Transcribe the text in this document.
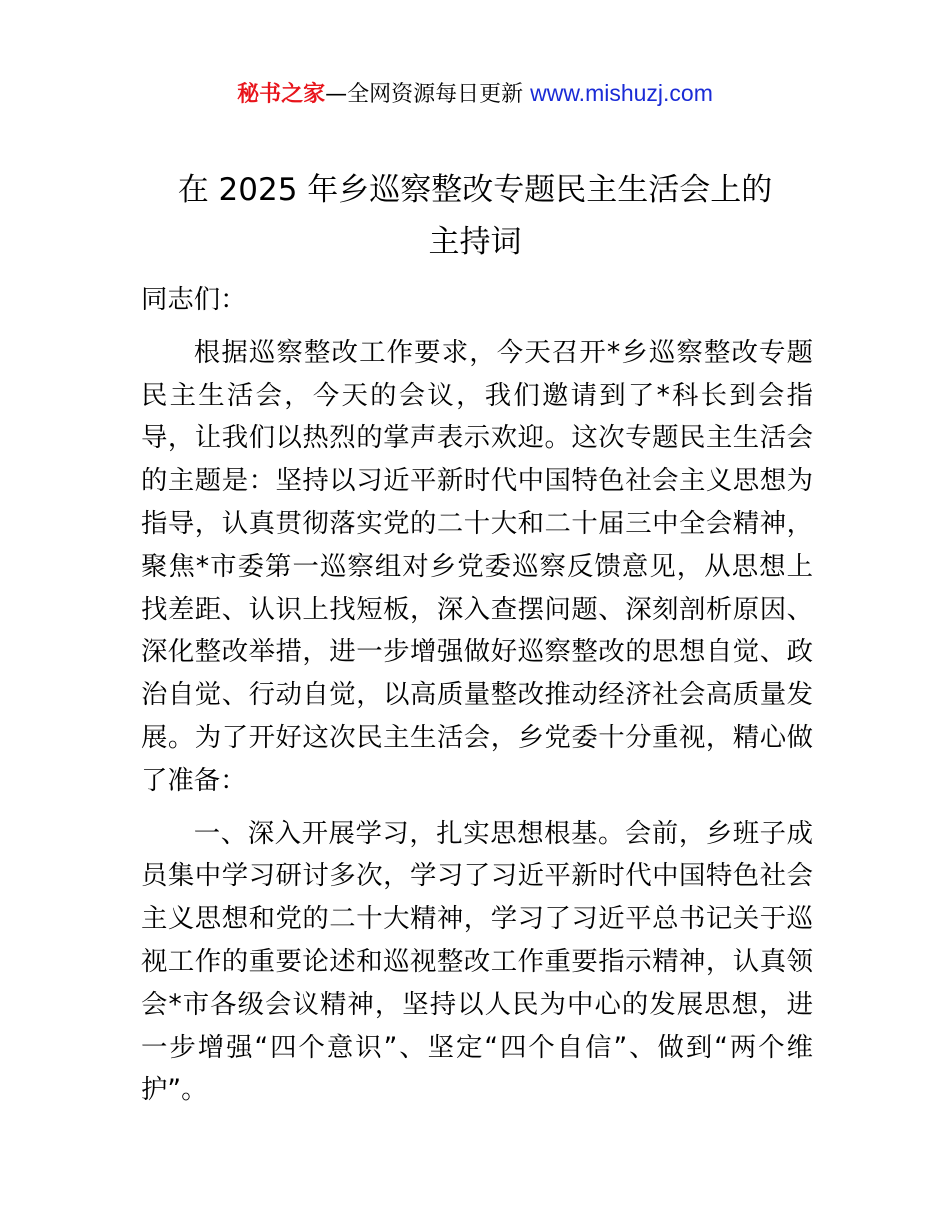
秘书之家—全网资源每日更新 www.mishuzj.com
在 2025 年乡巡察整改专题民主生活会上的
主持词

同志们：

根据巡察整改工作要求，今天召开*乡巡察整改专题民主生活会，今天的会议，我们邀请到了*科长到会指导，让我们以热烈的掌声表示欢迎。这次专题民主生活会的主题是：坚持以习近平新时代中国特色社会主义思想为指导，认真贯彻落实党的二十大和二十届三中全会精神，聚焦*市委第一巡察组对乡党委巡察反馈意见，从思想上找差距、认识上找短板，深入查摆问题、深刻剖析原因、深化整改举措，进一步增强做好巡察整改的思想自觉、政治自觉、行动自觉，以高质量整改推动经济社会高质量发展。为了开好这次民主生活会，乡党委十分重视，精心做了准备：

一、深入开展学习，扎实思想根基。会前，乡班子成员集中学习研讨多次，学习了习近平新时代中国特色社会主义思想和党的二十大精神，学习了习近平总书记关于巡视工作的重要论述和巡视整改工作重要指示精神，认真领会*市各级会议精神，坚持以人民为中心的发展思想，进一步增强“四个意识”、坚定“四个自信”、做到“两个维护”。
